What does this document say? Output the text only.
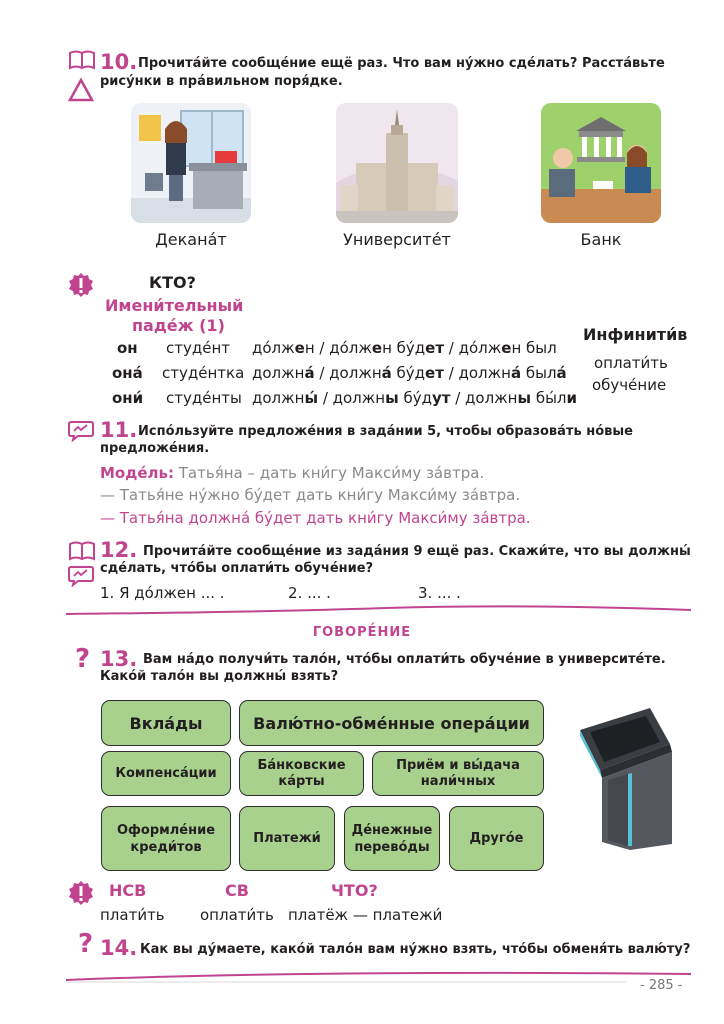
10. Прочита́йте сообще́ние ещё раз. Что вам ну́жно сде́лать? Расста́вьте
рису́нки в пра́вильном поря́дке.
Декана́т	Университе́т	Банк
КТО?
Имени́тельный
паде́ж (1)
он студе́нт до́лжен / до́лжен бу́дет / до́лжен был
она́ студе́нтка должна́ / должна́ бу́дет / должна́ была́
они́ студе́нты должны́ / должны бу́дут / должны бы́ли
Инфинити́в
оплати́ть
обуче́ние
11. Испо́льзуйте предложе́ния в зада́нии 5, чтобы образова́ть но́вые
предложе́ния.
Моде́ль: Татья́на – дать кни́гу Макси́му за́втра.
— Татья́не ну́жно бу́дет дать кни́гу Макси́му за́втра.
— Татья́на должна́ бу́дет дать кни́гу Макси́му за́втра.
12. Прочита́йте сообще́ние из зада́ния 9 ещё раз. Скажи́те, что вы должны́
сде́лать, что́бы оплати́ть обуче́ние?
1. Я до́лжен ... .	2. ... .	3. ... .
ГОВОРЕ́НИЕ
? 13. Вам на́до получи́ть тало́н, что́бы оплати́ть обуче́ние в университе́те.
Како́й тало́н вы должны́ взять?
Вкла́ды	Валю́тно-обме́нные опера́ции
Компенса́ции
Ба́нковские
ка́рты
Приём и вы́дача
нали́чных
Оформле́ние
креди́тов
Платежи́
Де́нежные
перево́ды
Друго́е
НСВ	СВ	ЧТО?
плати́ть оплати́ть платёж — платежи́
? 14. Как вы ду́маете, како́й тало́н вам ну́жно взять, что́бы обменя́ть валю́ту?
- 285 -
